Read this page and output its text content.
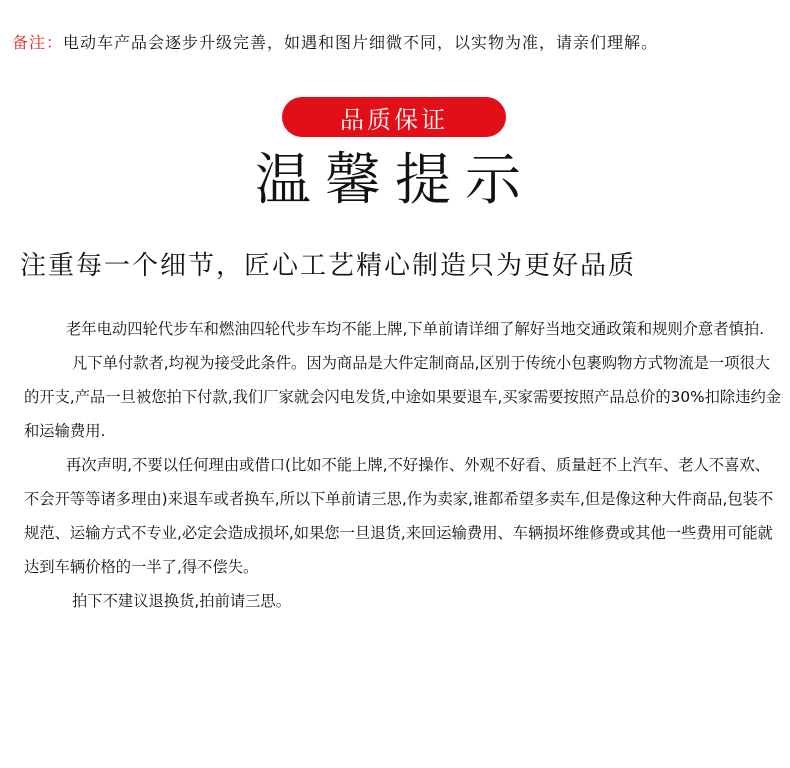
备注：电动车产品会逐步升级完善，如遇和图片细微不同，以实物为准，请亲们理解。
品质保证
温馨提示
注重每一个细节，匠心工艺精心制造只为更好品质

老年电动四轮代步车和燃油四轮代步车均不能上牌,下单前请详细了解好当地交通政策和规则介意者慎拍.

凡下单付款者,均视为接受此条件。因为商品是大件定制商品,区别于传统小包裹购物方式物流是一项很大的开支,产品一旦被您拍下付款,我们厂家就会闪电发货,中途如果要退车,买家需要按照产品总价的30%扣除违约金和运输费用.

再次声明,不要以任何理由或借口(比如不能上牌,不好操作、外观不好看、质量赶不上汽车、老人不喜欢、不会开等等诸多理由)来退车或者换车,所以下单前请三思,作为卖家,谁都希望多卖车,但是像这种大件商品,包装不规范、运输方式不专业,必定会造成损坏,如果您一旦退货,来回运输费用、车辆损坏维修费或其他一些费用可能就达到车辆价格的一半了,得不偿失。

拍下不建议退换货,拍前请三思。
